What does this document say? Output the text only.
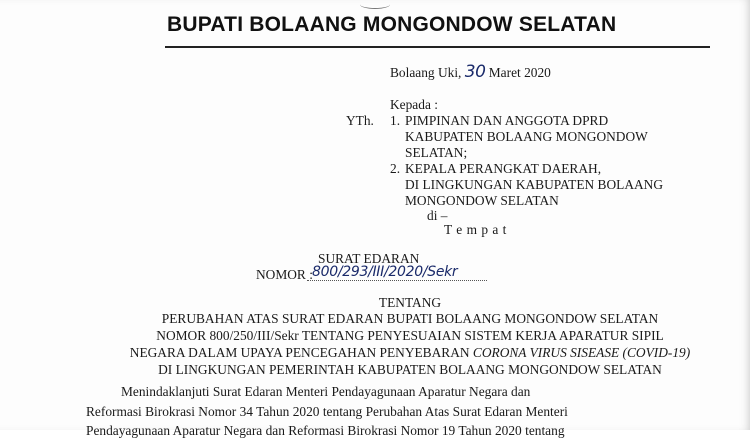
BUPATI BOLAANG MONGONDOW SELATAN
Bolaang Uki, 30 Maret 2020
Kepada :
YTh. 1. PIMPINAN DAN ANGGOTA DPRD
KABUPATEN BOLAANG MONGONDOW
SELATAN;
2. KEPALA PERANGKAT DAERAH,
DI LINGKUNGAN KABUPATEN BOLAANG
MONGONDOW SELATAN
di –
T e m p a t
SURAT EDARAN
NOMOR : 800/293/III/2020/Sekr
TENTANG
PERUBAHAN ATAS SURAT EDARAN BUPATI BOLAANG MONGONDOW SELATAN
NOMOR 800/250/III/Sekr TENTANG PENYESUAIAN SISTEM KERJA APARATUR SIPIL
NEGARA DALAM UPAYA PENCEGAHAN PENYEBARAN CORONA VIRUS SISEASE (COVID-19)
DI LINGKUNGAN PEMERINTAH KABUPATEN BOLAANG MONGONDOW SELATAN
Menindaklanjuti Surat Edaran Menteri Pendayagunaan Aparatur Negara dan
Reformasi Birokrasi Nomor 34 Tahun 2020 tentang Perubahan Atas Surat Edaran Menteri
Pendayagunaan Aparatur Negara dan Reformasi Birokrasi Nomor 19 Tahun 2020 tentang
